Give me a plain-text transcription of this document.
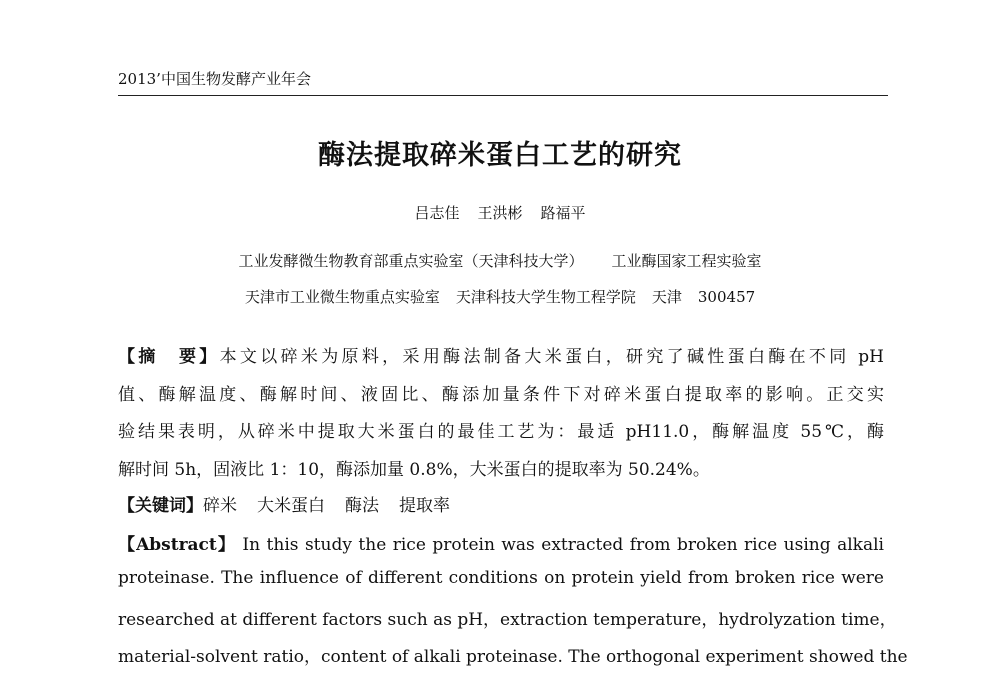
2013’中国生物发酵产业年会
酶法提取碎米蛋白工艺的研究
吕志佳 王洪彬 路福平
工业发酵微生物教育部重点实验室（天津科技大学） 工业酶国家工程实验室
天津市工业微生物重点实验室 天津科技大学生物工程学院 天津 300457
【摘　要】本文以碎米为原料，采用酶法制备大米蛋白，研究了碱性蛋白酶在不同 pH
值、酶解温度、酶解时间、液固比、酶添加量条件下对碎米蛋白提取率的影响。正交实
验结果表明，从碎米中提取大米蛋白的最佳工艺为：最适 pH11.0，酶解温度 55℃，酶
解时间 5h，固液比 1：10，酶添加量 0.8%，大米蛋白的提取率为 50.24%。
【关键词】碎米 大米蛋白 酶法 提取率
【Abstract】 In this study the rice protein was extracted from broken rice using alkali
proteinase. The influence of different conditions on protein yield from broken rice were
researched at different factors such as pH，extraction temperature，hydrolyzation time，
material-solvent ratio，content of alkali proteinase. The orthogonal experiment showed the
